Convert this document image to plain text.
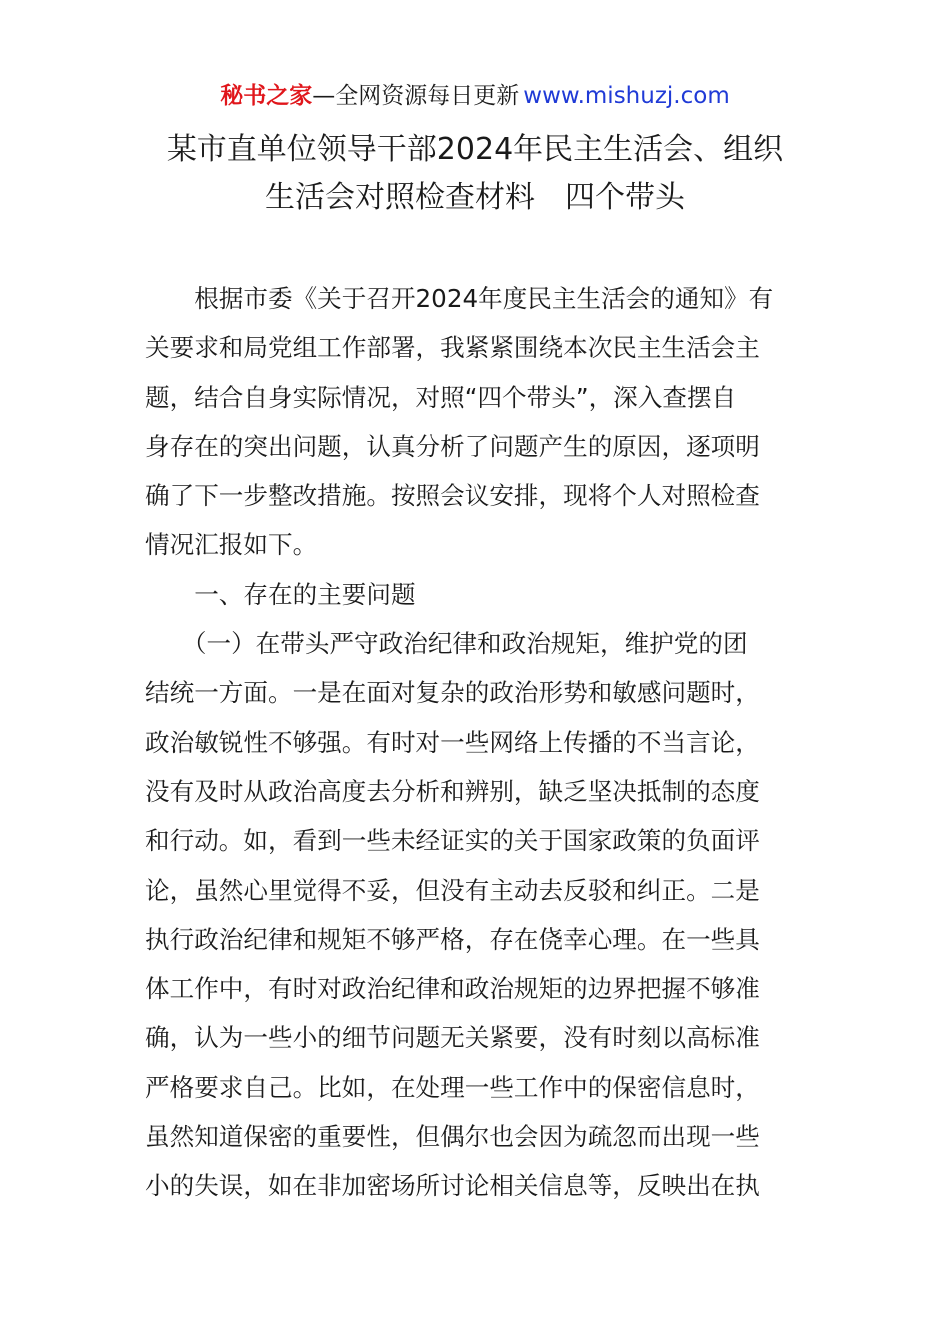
秘书之家—全网资源每日更新 www.mishuzj.com
某市直单位领导干部2024年民主生活会、组织
生活会对照检查材料　四个带头
　　根据市委《关于召开2024年度民主生活会的通知》有
关要求和局党组工作部署，我紧紧围绕本次民主生活会主
题，结合自身实际情况，对照“四个带头”，深入查摆自
身存在的突出问题，认真分析了问题产生的原因，逐项明
确了下一步整改措施。按照会议安排，现将个人对照检查
情况汇报如下。
　　一、存在的主要问题
　　（一）在带头严守政治纪律和政治规矩，维护党的团
结统一方面。一是在面对复杂的政治形势和敏感问题时，
政治敏锐性不够强。有时对一些网络上传播的不当言论，
没有及时从政治高度去分析和辨别，缺乏坚决抵制的态度
和行动。如，看到一些未经证实的关于国家政策的负面评
论，虽然心里觉得不妥，但没有主动去反驳和纠正。二是
执行政治纪律和规矩不够严格，存在侥幸心理。在一些具
体工作中，有时对政治纪律和政治规矩的边界把握不够准
确，认为一些小的细节问题无关紧要，没有时刻以高标准
严格要求自己。比如，在处理一些工作中的保密信息时，
虽然知道保密的重要性，但偶尔也会因为疏忽而出现一些
小的失误，如在非加密场所讨论相关信息等，反映出在执
